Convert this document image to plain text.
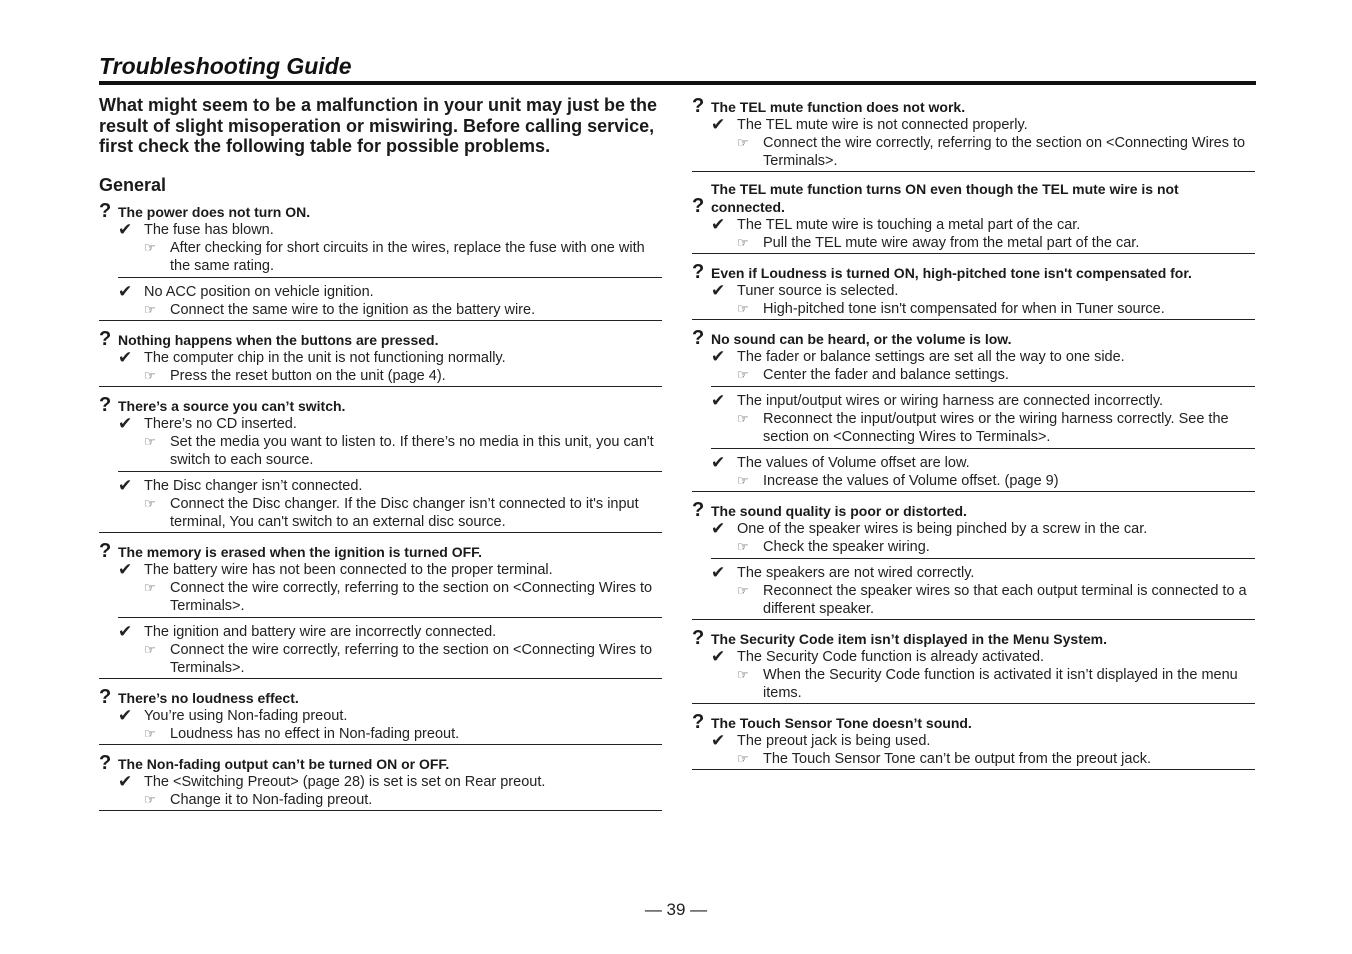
Troubleshooting Guide
What might seem to be a malfunction in your unit may just be the result of slight misoperation or miswiring. Before calling service, first check the following table for possible problems.
General
? The power does not turn ON.
✔ The fuse has blown.
☞ After checking for short circuits in the wires, replace the fuse with one with the same rating.
✔ No ACC position on vehicle ignition.
☞ Connect the same wire to the ignition as the battery wire.
? Nothing happens when the buttons are pressed.
✔ The computer chip in the unit is not functioning normally.
☞ Press the reset button on the unit (page 4).
? There’s a source you can’t switch.
✔ There’s no CD inserted.
☞ Set the media you want to listen to. If there’s no media in this unit, you can't switch to each source.
✔ The Disc changer isn’t connected.
☞ Connect the Disc changer. If the Disc changer isn’t connected to it's input terminal, You can't switch to an external disc source.
? The memory is erased when the ignition is turned OFF.
✔ The battery wire has not been connected to the proper terminal.
☞ Connect the wire correctly, referring to the section on <Connecting Wires to Terminals>.
✔ The ignition and battery wire are incorrectly connected.
☞ Connect the wire correctly, referring to the section on <Connecting Wires to Terminals>.
? There’s no loudness effect.
✔ You’re using Non-fading preout.
☞ Loudness has no effect in Non-fading preout.
? The Non-fading output can’t be turned ON or OFF.
✔ The <Switching Preout> (page 28) is set is set on Rear preout.
☞ Change it to Non-fading preout.
? The TEL mute function does not work.
✔ The TEL mute wire is not connected properly.
☞ Connect the wire correctly, referring to the section on <Connecting Wires to Terminals>.
?
The TEL mute function turns ON even though the TEL mute wire is not connected.
✔ The TEL mute wire is touching a metal part of the car.
☞ Pull the TEL mute wire away from the metal part of the car.
? Even if Loudness is turned ON, high-pitched tone isn't compensated for.
✔ Tuner source is selected.
☞ High-pitched tone isn't compensated for when in Tuner source.
? No sound can be heard, or the volume is low.
✔ The fader or balance settings are set all the way to one side.
☞ Center the fader and balance settings.
✔ The input/output wires or wiring harness are connected incorrectly.
☞ Reconnect the input/output wires or the wiring harness correctly. See the section on <Connecting Wires to Terminals>.
✔ The values of Volume offset are low.
☞ Increase the values of Volume offset. (page 9)
? The sound quality is poor or distorted.
✔ One of the speaker wires is being pinched by a screw in the car.
☞ Check the speaker wiring.
✔ The speakers are not wired correctly.
☞ Reconnect the speaker wires so that each output terminal is connected to a different speaker.
? The Security Code item isn’t displayed in the Menu System.
✔ The Security Code function is already activated.
☞ When the Security Code function is activated it isn’t displayed in the menu items.
? The Touch Sensor Tone doesn’t sound.
✔ The preout jack is being used.
☞ The Touch Sensor Tone can’t be output from the preout jack.
— 39 —
